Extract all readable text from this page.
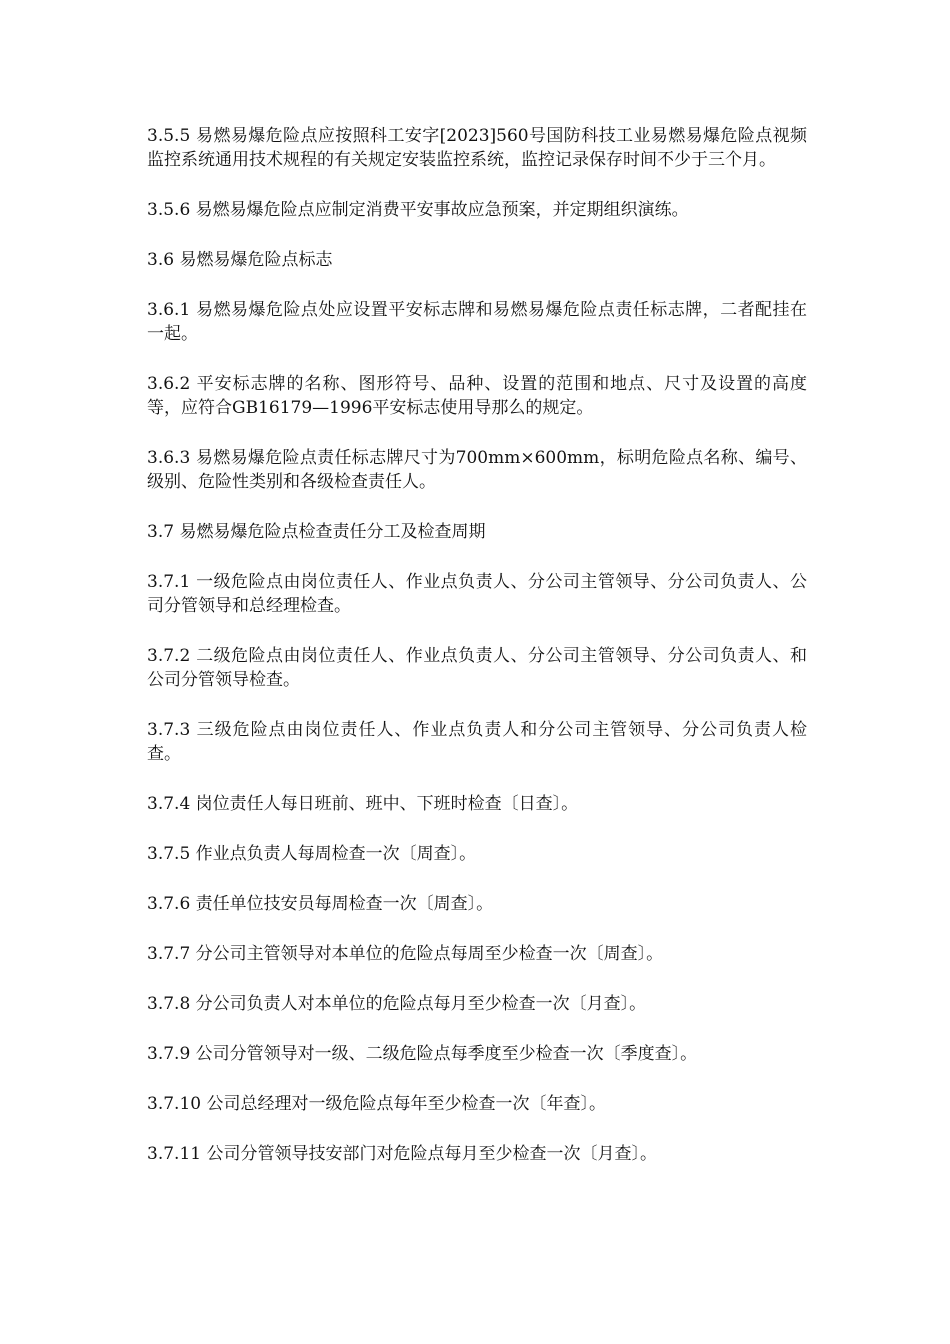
3.5.5 易燃易爆危险点应按照科工安字[2023]560号国防科技工业易燃易爆危险点视频监控系统通用技术规程的有关规定安装监控系统，监控记录保存时间不少于三个月。

3.5.6 易燃易爆危险点应制定消费平安事故应急预案，并定期组织演练。

3.6 易燃易爆危险点标志

3.6.1 易燃易爆危险点处应设置平安标志牌和易燃易爆危险点责任标志牌，二者配挂在一起。

3.6.2 平安标志牌的名称、图形符号、品种、设置的范围和地点、尺寸及设置的高度等，应符合GB16179—1996平安标志使用导那么的规定。

3.6.3 易燃易爆危险点责任标志牌尺寸为700mm×600mm，标明危险点名称、编号、级别、危险性类别和各级检查责任人。

3.7 易燃易爆危险点检查责任分工及检查周期

3.7.1 一级危险点由岗位责任人、作业点负责人、分公司主管领导、分公司负责人、公司分管领导和总经理检查。

3.7.2 二级危险点由岗位责任人、作业点负责人、分公司主管领导、分公司负责人、和公司分管领导检查。

3.7.3 三级危险点由岗位责任人、作业点负责人和分公司主管领导、分公司负责人检查。

3.7.4 岗位责任人每日班前、班中、下班时检查〔日查〕。

3.7.5 作业点负责人每周检查一次〔周查〕。

3.7.6 责任单位技安员每周检查一次〔周查〕。

3.7.7 分公司主管领导对本单位的危险点每周至少检查一次〔周查〕。

3.7.8 分公司负责人对本单位的危险点每月至少检查一次〔月查〕。

3.7.9 公司分管领导对一级、二级危险点每季度至少检查一次〔季度查〕。

3.7.10 公司总经理对一级危险点每年至少检查一次〔年查〕。

3.7.11 公司分管领导技安部门对危险点每月至少检查一次〔月查〕。
